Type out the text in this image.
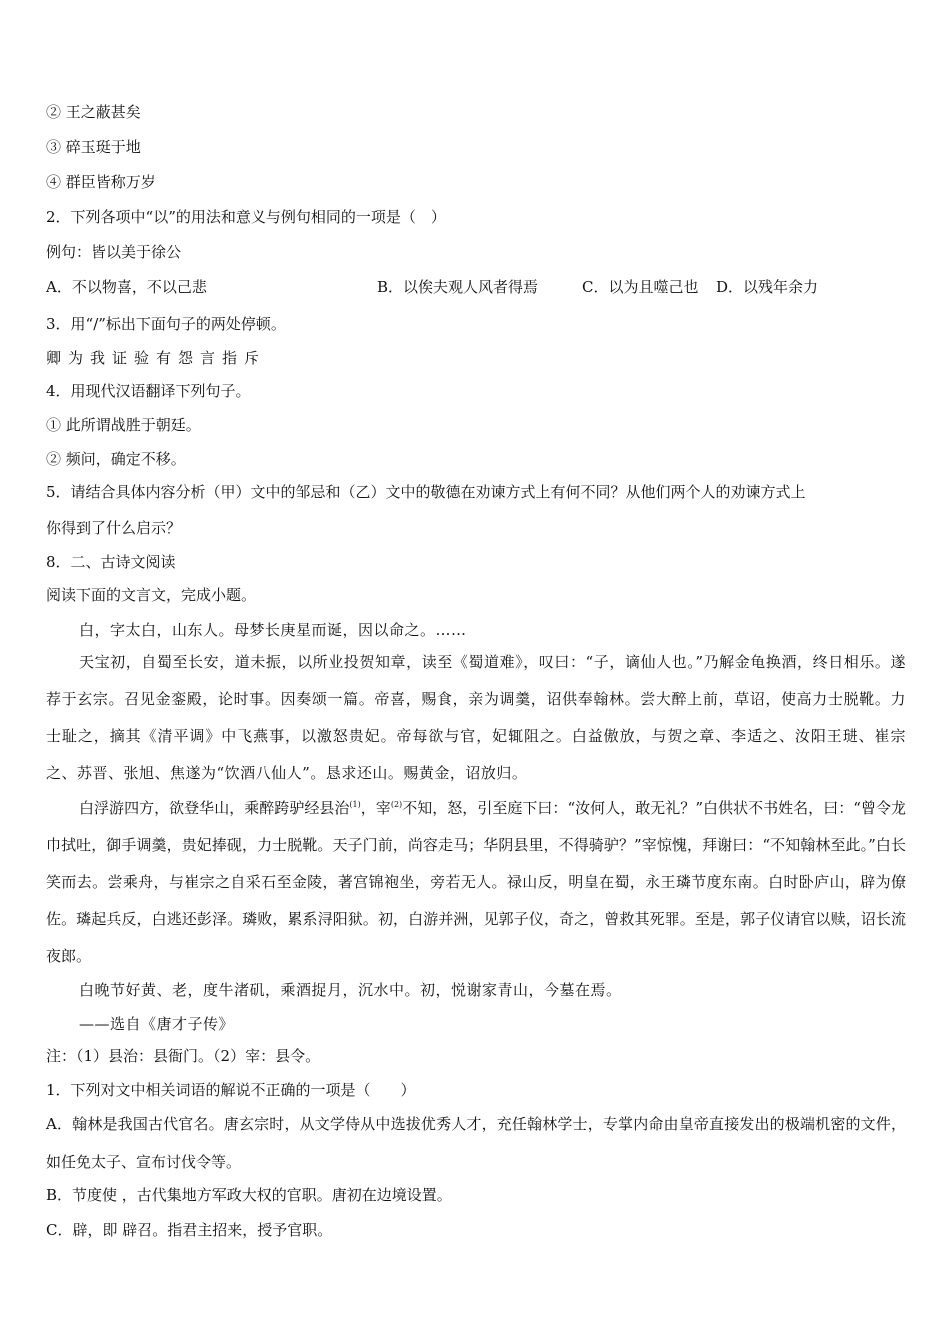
② 王之蔽甚矣
③ 碎玉珽于地
④ 群臣皆称万岁
2．下列各项中“以”的用法和意义与例句相同的一项是（　）
例句：皆以美于徐公
A．不以物喜，不以己悲	B．以俟夫观人风者得焉	C．以为且噬己也 D．以残年余力
3．用“/”标出下面句子的两处停顿。
卿为我证验有怨言指斥
4．用现代汉语翻译下列句子。
① 此所谓战胜于朝廷。
② 频问，确定不移。
5．请结合具体内容分析（甲）文中的邹忌和（乙）文中的敬德在劝谏方式上有何不同？从他们两个人的劝谏方式上
你得到了什么启示？
8．二、古诗文阅读
阅读下面的文言文，完成小题。
白，字太白，山东人。母梦长庚星而诞，因以命之。……
天宝初，自蜀至长安，道未振，以所业投贺知章，读至《蜀道难》，叹曰：“子，谪仙人也。”乃解金龟换酒，终日相乐。遂荐于玄宗。召见金銮殿，论时事。因奏颂一篇。帝喜，赐食，亲为调羹，诏供奉翰林。尝大醉上前，草诏，使高力士脱靴。力士耻之，摘其《清平调》中飞燕事，以激怒贵妃。帝每欲与官，妃辄阻之。白益傲放，与贺之章、李适之、汝阳王琎、崔宗之、苏晋、张旭、焦遂为“饮酒八仙人”。恳求还山。赐黄金，诏放归。
白浮游四方，欲登华山，乘醉跨驴经县治$^{(1)}$，宰$^{(2)}$不知，怒，引至庭下曰：“汝何人，敢无礼？”白供状不书姓名，曰：“曾令龙巾拭吐，御手调羹，贵妃捧砚，力士脱靴。天子门前，尚容走马；华阴县里，不得骑驴？”宰惊愧，拜谢曰：“不知翰林至此。”白长笑而去。尝乘舟，与崔宗之自采石至金陵，著宫锦袍坐，旁若无人。禄山反，明皇在蜀，永王璘节度东南。白时卧庐山，辟为僚佐。璘起兵反，白逃还彭泽。璘败，累系浔阳狱。初，白游并洲，见郭子仪，奇之，曾救其死罪。至是，郭子仪请官以赎，诏长流夜郎。
白晚节好黄、老，度牛渚矶，乘酒捉月，沉水中。初，悦谢家青山，今墓在焉。
——选自《唐才子传》
注：（1）县治：县衙门。（2）宰：县令。
1．下列对文中相关词语的解说不正确的一项是（　　）
A．翰林是我国古代官名。唐玄宗时，从文学侍从中选拔优秀人才，充任翰林学士，专掌内命由皇帝直接发出的极端机密的文件，如任免太子、宣布讨伐令等。
B．节度使 ，古代集地方军政大权的官职。唐初在边境设置。
C．辟，即 辟召。指君主招来，授予官职。
